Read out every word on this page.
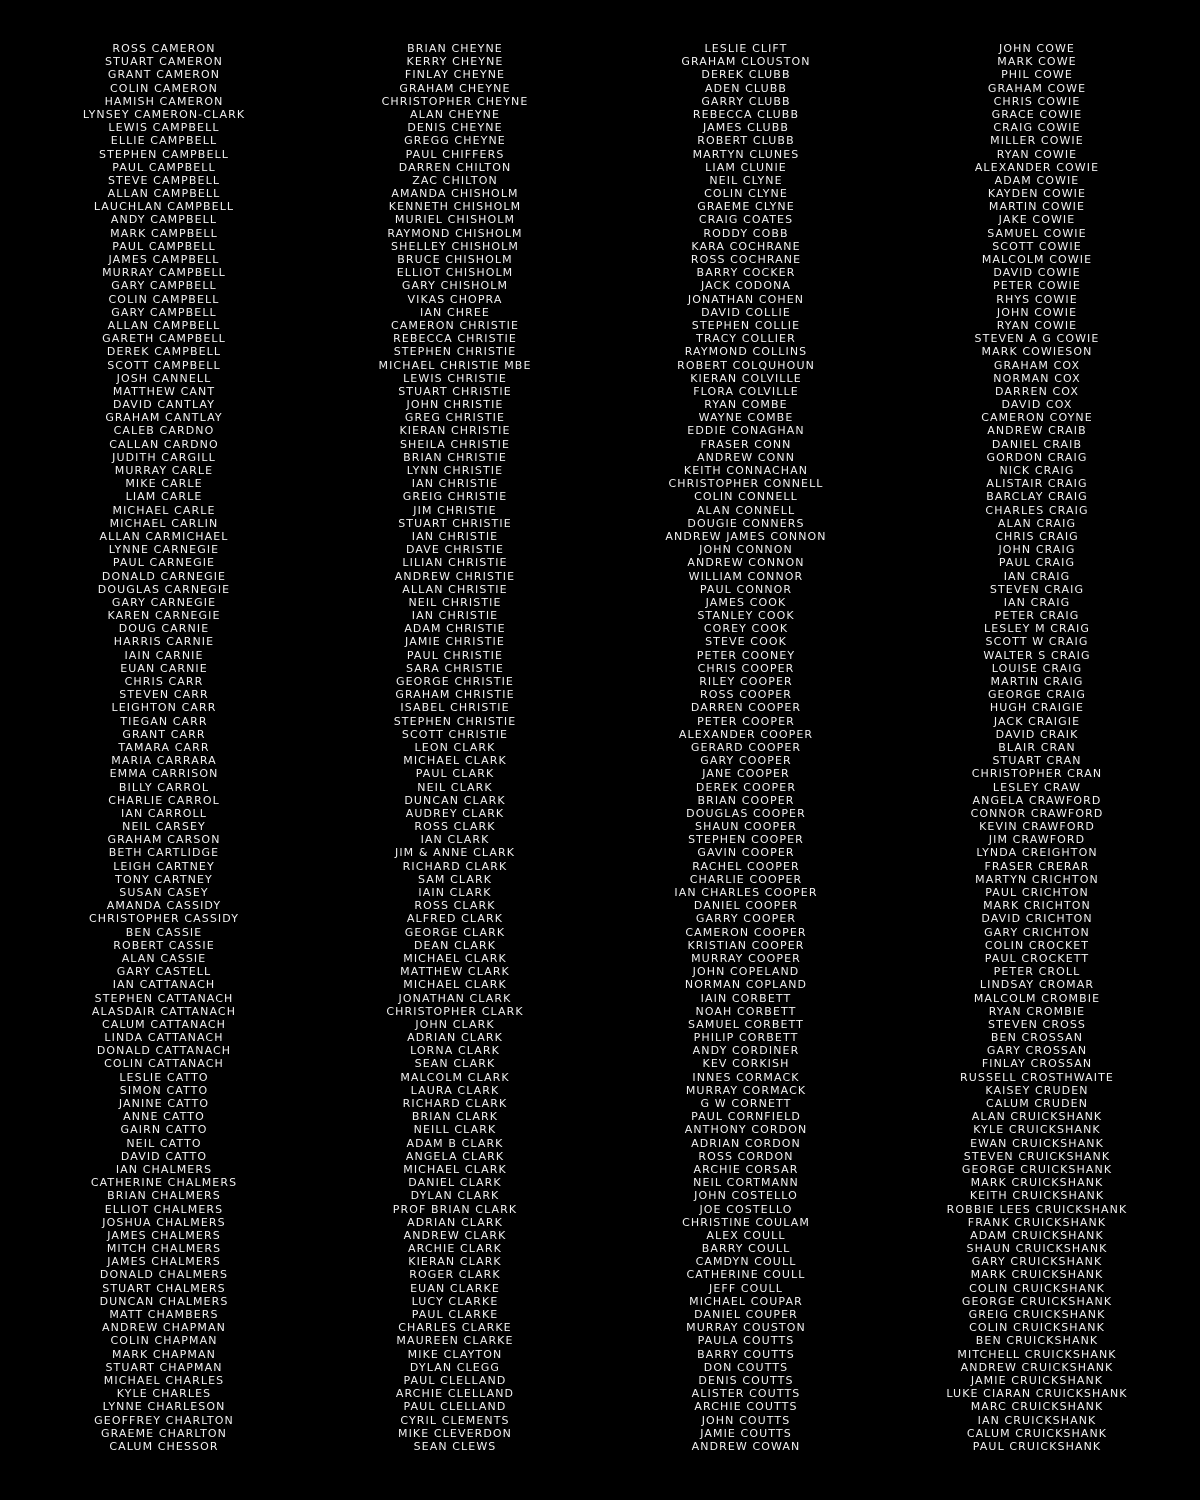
ROSS CAMERON
STUART CAMERON
GRANT CAMERON
COLIN CAMERON
HAMISH CAMERON
LYNSEY CAMERON-CLARK
LEWIS CAMPBELL
ELLIE CAMPBELL
STEPHEN CAMPBELL
PAUL CAMPBELL
STEVE CAMPBELL
ALLAN CAMPBELL
LAUCHLAN CAMPBELL
ANDY CAMPBELL
MARK CAMPBELL
PAUL CAMPBELL
JAMES CAMPBELL
MURRAY CAMPBELL
GARY CAMPBELL
COLIN CAMPBELL
GARY CAMPBELL
ALLAN CAMPBELL
GARETH CAMPBELL
DEREK CAMPBELL
SCOTT CAMPBELL
JOSH CANNELL
MATTHEW CANT
DAVID CANTLAY
GRAHAM CANTLAY
CALEB CARDNO
CALLAN CARDNO
JUDITH CARGILL
MURRAY CARLE
MIKE CARLE
LIAM CARLE
MICHAEL CARLE
MICHAEL CARLIN
ALLAN CARMICHAEL
LYNNE CARNEGIE
PAUL CARNEGIE
DONALD CARNEGIE
DOUGLAS CARNEGIE
GARY CARNEGIE
KAREN CARNEGIE
DOUG CARNIE
HARRIS CARNIE
IAIN CARNIE
EUAN CARNIE
CHRIS CARR
STEVEN CARR
LEIGHTON CARR
TIEGAN CARR
GRANT CARR
TAMARA CARR
MARIA CARRARA
EMMA CARRISON
BILLY CARROL
CHARLIE CARROL
IAN CARROLL
NEIL CARSEY
GRAHAM CARSON
BETH CARTLIDGE
LEIGH CARTNEY
TONY CARTNEY
SUSAN CASEY
AMANDA CASSIDY
CHRISTOPHER CASSIDY
BEN CASSIE
ROBERT CASSIE
ALAN CASSIE
GARY CASTELL
IAN CATTANACH
STEPHEN CATTANACH
ALASDAIR CATTANACH
CALUM CATTANACH
LINDA CATTANACH
DONALD CATTANACH
COLIN CATTANACH
LESLIE CATTO
SIMON CATTO
JANINE CATTO
ANNE CATTO
GAIRN CATTO
NEIL CATTO
DAVID CATTO
IAN CHALMERS
CATHERINE CHALMERS
BRIAN CHALMERS
ELLIOT CHALMERS
JOSHUA CHALMERS
JAMES CHALMERS
MITCH CHALMERS
JAMES CHALMERS
DONALD CHALMERS
STUART CHALMERS
DUNCAN CHALMERS
MATT CHAMBERS
ANDREW CHAPMAN
COLIN CHAPMAN
MARK CHAPMAN
STUART CHAPMAN
MICHAEL CHARLES
KYLE CHARLES
LYNNE CHARLESON
GEOFFREY CHARLTON
GRAEME CHARLTON
CALUM CHESSOR
BRIAN CHEYNE
KERRY CHEYNE
FINLAY CHEYNE
GRAHAM CHEYNE
CHRISTOPHER CHEYNE
ALAN CHEYNE
DENIS CHEYNE
GREGG CHEYNE
PAUL CHIFFERS
DARREN CHILTON
ZAC CHILTON
AMANDA CHISHOLM
KENNETH CHISHOLM
MURIEL CHISHOLM
RAYMOND CHISHOLM
SHELLEY CHISHOLM
BRUCE CHISHOLM
ELLIOT CHISHOLM
GARY CHISHOLM
VIKAS CHOPRA
IAN CHREE
CAMERON CHRISTIE
REBECCA CHRISTIE
STEPHEN CHRISTIE
MICHAEL CHRISTIE MBE
LEWIS CHRISTIE
STUART CHRISTIE
JOHN CHRISTIE
GREG CHRISTIE
KIERAN CHRISTIE
SHEILA CHRISTIE
BRIAN CHRISTIE
LYNN CHRISTIE
IAN CHRISTIE
GREIG CHRISTIE
JIM CHRISTIE
STUART CHRISTIE
IAN CHRISTIE
DAVE CHRISTIE
LILIAN CHRISTIE
ANDREW CHRISTIE
ALLAN CHRISTIE
NEIL CHRISTIE
IAN CHRISTIE
ADAM CHRISTIE
JAMIE CHRISTIE
PAUL CHRISTIE
SARA CHRISTIE
GEORGE CHRISTIE
GRAHAM CHRISTIE
ISABEL CHRISTIE
STEPHEN CHRISTIE
SCOTT CHRISTIE
LEON CLARK
MICHAEL CLARK
PAUL CLARK
NEIL CLARK
DUNCAN CLARK
AUDREY CLARK
ROSS CLARK
IAN CLARK
JIM & ANNE CLARK
RICHARD CLARK
SAM CLARK
IAIN CLARK
ROSS CLARK
ALFRED CLARK
GEORGE CLARK
DEAN CLARK
MICHAEL CLARK
MATTHEW CLARK
MICHAEL CLARK
JONATHAN CLARK
CHRISTOPHER CLARK
JOHN CLARK
ADRIAN CLARK
LORNA CLARK
SEAN CLARK
MALCOLM CLARK
LAURA CLARK
RICHARD CLARK
BRIAN CLARK
NEILL CLARK
ADAM B CLARK
ANGELA CLARK
MICHAEL CLARK
DANIEL CLARK
DYLAN CLARK
PROF BRIAN CLARK
ADRIAN CLARK
ANDREW CLARK
ARCHIE CLARK
KIERAN CLARK
ROGER CLARK
EUAN CLARKE
LUCY CLARKE
PAUL CLARKE
CHARLES CLARKE
MAUREEN CLARKE
MIKE CLAYTON
DYLAN CLEGG
PAUL CLELLAND
ARCHIE CLELLAND
PAUL CLELLAND
CYRIL CLEMENTS
MIKE CLEVERDON
SEAN CLEWS
LESLIE CLIFT
GRAHAM CLOUSTON
DEREK CLUBB
ADEN CLUBB
GARRY CLUBB
REBECCA CLUBB
JAMES CLUBB
ROBERT CLUBB
MARTYN CLUNES
LIAM CLUNIE
NEIL CLYNE
COLIN CLYNE
GRAEME CLYNE
CRAIG COATES
RODDY COBB
KARA COCHRANE
ROSS COCHRANE
BARRY COCKER
JACK CODONA
JONATHAN COHEN
DAVID COLLIE
STEPHEN COLLIE
TRACY COLLIER
RAYMOND COLLINS
ROBERT COLQUHOUN
KIERAN COLVILLE
FLORA COLVILLE
RYAN COMBE
WAYNE COMBE
EDDIE CONAGHAN
FRASER CONN
ANDREW CONN
KEITH CONNACHAN
CHRISTOPHER CONNELL
COLIN CONNELL
ALAN CONNELL
DOUGIE CONNERS
ANDREW JAMES CONNON
JOHN CONNON
ANDREW CONNON
WILLIAM CONNOR
PAUL CONNOR
JAMES COOK
STANLEY COOK
COREY COOK
STEVE COOK
PETER COONEY
CHRIS COOPER
RILEY COOPER
ROSS COOPER
DARREN COOPER
PETER COOPER
ALEXANDER COOPER
GERARD COOPER
GARY COOPER
JANE COOPER
DEREK COOPER
BRIAN COOPER
DOUGLAS COOPER
SHAUN COOPER
STEPHEN COOPER
GAVIN COOPER
RACHEL COOPER
CHARLIE COOPER
IAN CHARLES COOPER
DANIEL COOPER
GARRY COOPER
CAMERON COOPER
KRISTIAN COOPER
MURRAY COOPER
JOHN COPELAND
NORMAN COPLAND
IAIN CORBETT
NOAH CORBETT
SAMUEL CORBETT
PHILIP CORBETT
ANDY CORDINER
KEV CORKISH
INNES CORMACK
MURRAY CORMACK
G W CORNETT
PAUL CORNFIELD
ANTHONY CORDON
ADRIAN CORDON
ROSS CORDON
ARCHIE CORSAR
NEIL CORTMANN
JOHN COSTELLO
JOE COSTELLO
CHRISTINE COULAM
ALEX COULL
BARRY COULL
CAMDYN COULL
CATHERINE COULL
JEFF COULL
MICHAEL COUPAR
DANIEL COUPER
MURRAY COUSTON
PAULA COUTTS
BARRY COUTTS
DON COUTTS
DENIS COUTTS
ALISTER COUTTS
ARCHIE COUTTS
JOHN COUTTS
JAMIE COUTTS
ANDREW COWAN
JOHN COWE
MARK COWE
PHIL COWE
GRAHAM COWE
CHRIS COWIE
GRACE COWIE
CRAIG COWIE
MILLER COWIE
RYAN COWIE
ALEXANDER COWIE
ADAM COWIE
KAYDEN COWIE
MARTIN COWIE
JAKE COWIE
SAMUEL COWIE
SCOTT COWIE
MALCOLM COWIE
DAVID COWIE
PETER COWIE
RHYS COWIE
JOHN COWIE
RYAN COWIE
STEVEN A G COWIE
MARK COWIESON
GRAHAM COX
NORMAN COX
DARREN COX
DAVID COX
CAMERON COYNE
ANDREW CRAIB
DANIEL CRAIB
GORDON CRAIG
NICK CRAIG
ALISTAIR CRAIG
BARCLAY CRAIG
CHARLES CRAIG
ALAN CRAIG
CHRIS CRAIG
JOHN CRAIG
PAUL CRAIG
IAN CRAIG
STEVEN CRAIG
IAN CRAIG
PETER CRAIG
LESLEY M CRAIG
SCOTT W CRAIG
WALTER S CRAIG
LOUISE CRAIG
MARTIN CRAIG
GEORGE CRAIG
HUGH CRAIGIE
JACK CRAIGIE
DAVID CRAIK
BLAIR CRAN
STUART CRAN
CHRISTOPHER CRAN
LESLEY CRAW
ANGELA CRAWFORD
CONNOR CRAWFORD
KEVIN CRAWFORD
JIM CRAWFORD
LYNDA CREIGHTON
FRASER CRERAR
MARTYN CRICHTON
PAUL CRICHTON
MARK CRICHTON
DAVID CRICHTON
GARY CRICHTON
COLIN CROCKET
PAUL CROCKETT
PETER CROLL
LINDSAY CROMAR
MALCOLM CROMBIE
RYAN CROMBIE
STEVEN CROSS
BEN CROSSAN
GARY CROSSAN
FINLAY CROSSAN
RUSSELL CROSTHWAITE
KAISEY CRUDEN
CALUM CRUDEN
ALAN CRUICKSHANK
KYLE CRUICKSHANK
EWAN CRUICKSHANK
STEVEN CRUICKSHANK
GEORGE CRUICKSHANK
MARK CRUICKSHANK
KEITH CRUICKSHANK
ROBBIE LEES CRUICKSHANK
FRANK CRUICKSHANK
ADAM CRUICKSHANK
SHAUN CRUICKSHANK
GARY CRUICKSHANK
MARK CRUICKSHANK
COLIN CRUICKSHANK
GEORGE CRUICKSHANK
GREIG CRUICKSHANK
COLIN CRUICKSHANK
BEN CRUICKSHANK
MITCHELL CRUICKSHANK
ANDREW CRUICKSHANK
JAMIE CRUICKSHANK
LUKE CIARAN CRUICKSHANK
MARC CRUICKSHANK
IAN CRUICKSHANK
CALUM CRUICKSHANK
PAUL CRUICKSHANK
